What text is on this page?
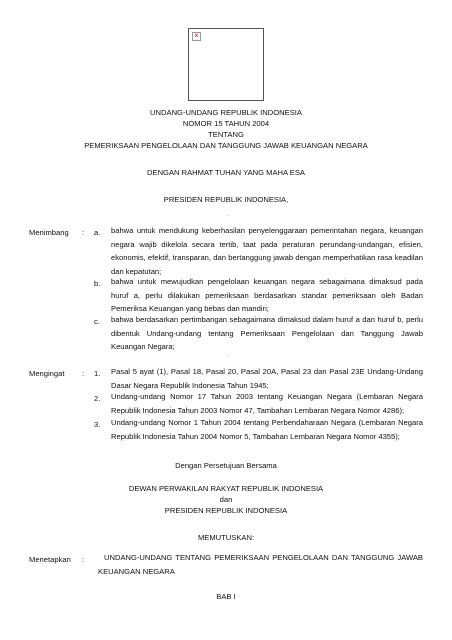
×
UNDANG-UNDANG REPUBLIK INDONESIA
NOMOR 15 TAHUN 2004
TENTANG
PEMERIKSAAN PENGELOLAAN DAN TANGGUNG JAWAB KEUANGAN NEGARA
DENGAN RAHMAT TUHAN YANG MAHA ESA
PRESIDEN REPUBLIK INDONESIA,
.
Menimbang : a. bahwa untuk mendukung keberhasilan penyelenggaraan pemerintahan negara, keuangan negara wajib dikelola secara tertib, taat pada peraturan perundang-undangan, efisien, ekonomis, efektif, transparan, dan bertanggung jawab dengan memperhatikan rasa keadilan dan kepatutan;

b. bahwa untuk mewujudkan pengelolaan keuangan negara sebagaimana dimaksud pada huruf a, perlu dilakukan pemeriksaan berdasarkan standar pemeriksaan oleh Badan Pemeriksa Keuangan yang bebas dan mandiri;

c. bahwa berdasarkan pertimbangan sebagaimana dimaksud dalam huruf a dan huruf b, perlu dibentuk Undang-undang tentang Pemeriksaan Pengelolaan dan Tanggung Jawab Keuangan Negara;

.
Mengingat : 1. Pasal 5 ayat (1), Pasal 18, Pasal 20, Pasal 20A, Pasal 23 dan Pasal 23E Undang-Undang Dasar Negara Republik Indonesia Tahun 1945;

2. Undang-undang Nomor 17 Tahun 2003 tentang Keuangan Negara (Lembaran Negara Republik Indonesia Tahun 2003 Nomor 47, Tambahan Lembaran Negara Nomor 4286);

3. Undang-undang Nomor 1 Tahun 2004 tentang Perbendaharaan Negara (Lembaran Negara Republik Indonesia Tahun 2004 Nomor 5, Tambahan Lembaran Negara Nomor 4355);

Dengan Persetujuan Bersama
DEWAN PERWAKILAN RAKYAT REPUBLIK INDONESIA
dan
PRESIDEN REPUBLIK INDONESIA
MEMUTUSKAN:
Menetapkan :	UNDANG-UNDANG TENTANG PEMERIKSAAN PENGELOLAAN DAN TANGGUNG JAWAB KEUANGAN NEGARA

BAB I
